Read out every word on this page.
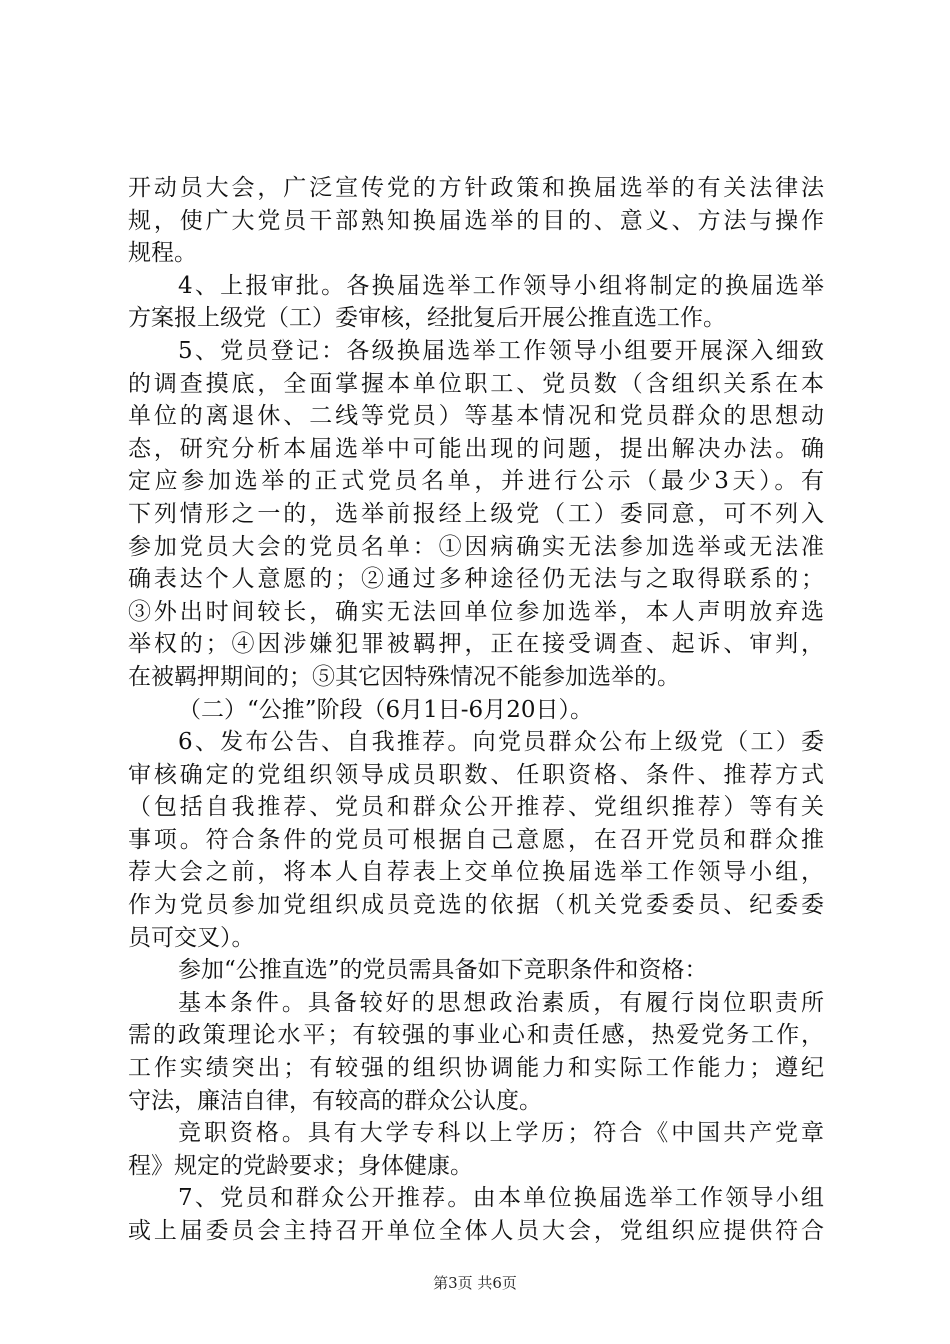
开动员大会，广泛宣传党的方针政策和换届选举的有关法律法
规，使广大党员干部熟知换届选举的目的、意义、方法与操作
规程。
4、上报审批。各换届选举工作领导小组将制定的换届选举
方案报上级党（工）委审核，经批复后开展公推直选工作。
5、党员登记：各级换届选举工作领导小组要开展深入细致
的调查摸底，全面掌握本单位职工、党员数（含组织关系在本
单位的离退休、二线等党员）等基本情况和党员群众的思想动
态，研究分析本届选举中可能出现的问题，提出解决办法。确
定应参加选举的正式党员名单，并进行公示（最少3天）。有
下列情形之一的，选举前报经上级党（工）委同意，可不列入
参加党员大会的党员名单：①因病确实无法参加选举或无法准
确表达个人意愿的；②通过多种途径仍无法与之取得联系的；
③外出时间较长，确实无法回单位参加选举，本人声明放弃选
举权的；④因涉嫌犯罪被羁押，正在接受调查、起诉、审判，
在被羁押期间的；⑤其它因特殊情况不能参加选举的。
（二）“公推”阶段（6月1日-6月20日）。
6、发布公告、自我推荐。向党员群众公布上级党（工）委
审核确定的党组织领导成员职数、任职资格、条件、推荐方式
（包括自我推荐、党员和群众公开推荐、党组织推荐）等有关
事项。符合条件的党员可根据自己意愿，在召开党员和群众推
荐大会之前，将本人自荐表上交单位换届选举工作领导小组，
作为党员参加党组织成员竞选的依据（机关党委委员、纪委委
员可交叉）。
参加“公推直选”的党员需具备如下竞职条件和资格：
基本条件。具备较好的思想政治素质，有履行岗位职责所
需的政策理论水平；有较强的事业心和责任感，热爱党务工作，
工作实绩突出；有较强的组织协调能力和实际工作能力；遵纪
守法，廉洁自律，有较高的群众公认度。
竞职资格。具有大学专科以上学历；符合《中国共产党章
程》规定的党龄要求；身体健康。
7、党员和群众公开推荐。由本单位换届选举工作领导小组
或上届委员会主持召开单位全体人员大会，党组织应提供符合
第3页 共6页
